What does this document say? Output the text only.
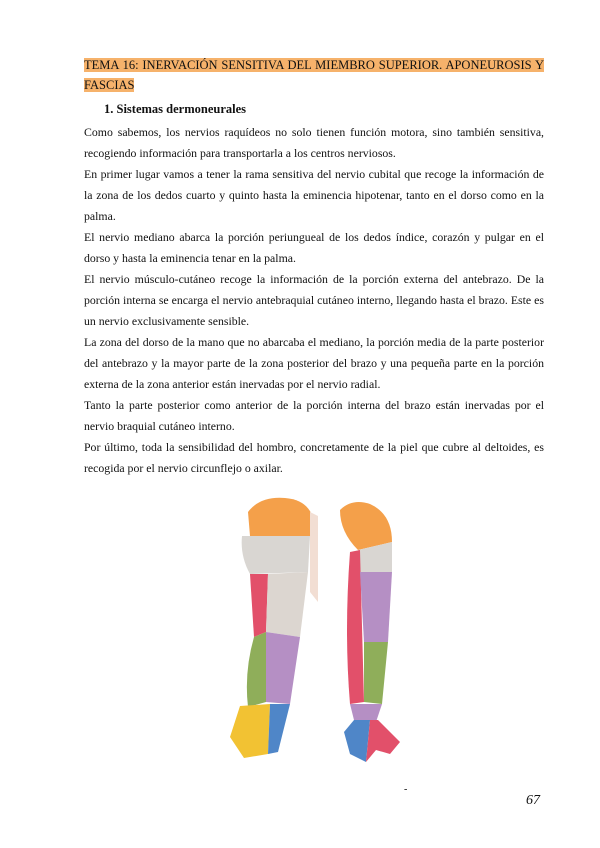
TEMA 16: INERVACIÓN SENSITIVA DEL MIEMBRO SUPERIOR. APONEUROSIS Y FASCIAS
1. Sistemas dermoneurales

Como sabemos, los nervios raquídeos no solo tienen función motora, sino también sensitiva, recogiendo información para transportarla a los centros nerviosos.

En primer lugar vamos a tener la rama sensitiva del nervio cubital que recoge la información de la zona de los dedos cuarto y quinto hasta la eminencia hipotenar, tanto en el dorso como en la palma.

El nervio mediano abarca la porción periungueal de los dedos índice, corazón y pulgar en el dorso y hasta la eminencia tenar en la palma.

El nervio músculo-cutáneo recoge la información de la porción externa del antebrazo. De la porción interna se encarga el nervio antebraquial cutáneo interno, llegando hasta el brazo. Este es un nervio exclusivamente sensible.

La zona del dorso de la mano que no abarcaba el mediano, la porción media de la parte posterior del antebrazo y la mayor parte de la zona posterior del brazo y una pequeña parte en la porción externa de la zona anterior están inervadas por el nervio radial.

Tanto la parte posterior como anterior de la porción interna del brazo están inervadas por el nervio braquial cutáneo interno.

Por último, toda la sensibilidad del hombro, concretamente de la piel que cubre al deltoides, es recogida por el nervio circunflejo o axilar.

-
67
